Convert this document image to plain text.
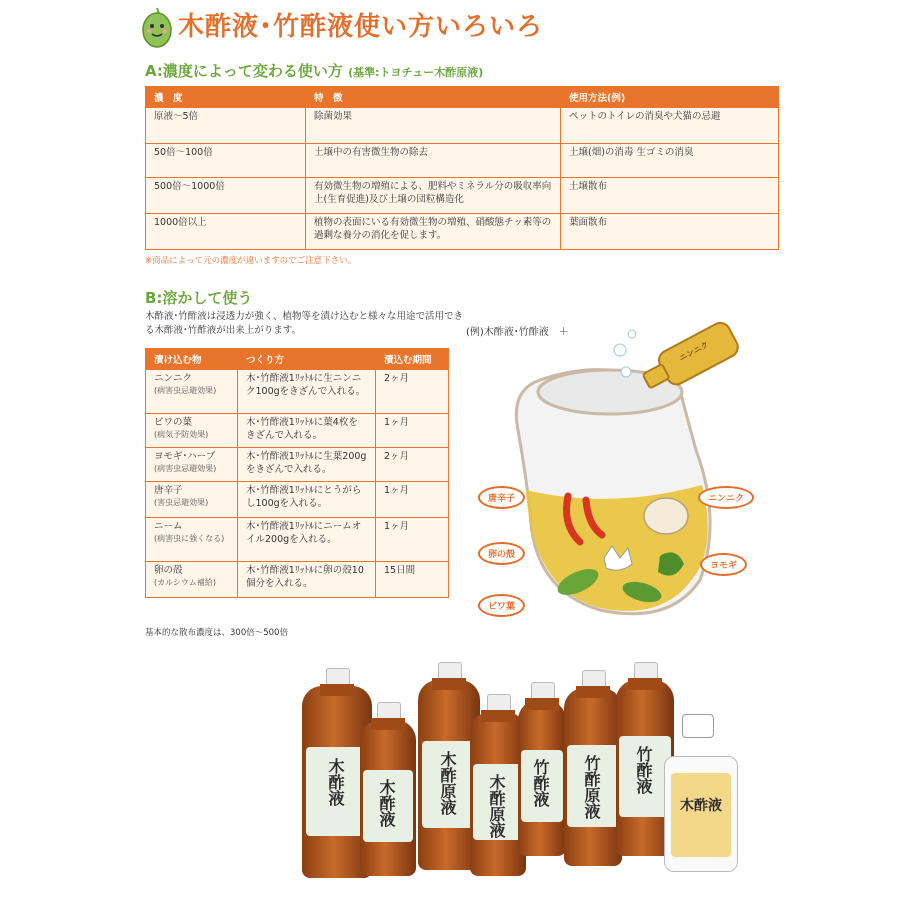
木酢液･竹酢液使い方いろいろ
A:濃度によって変わる使い方 (基準:トヨチュー木酢原液)
濃　度	特　徴	使用方法(例)
原液～5倍	除菌効果	ペットのトイレの消臭や犬猫の忌避
50倍～100倍	土壌中の有害微生物の除去	土壌(畑)の消毒 生ゴミの消臭
500倍～1000倍	有効微生物の増殖による、肥料やミネラル分の吸収率向上(生育促進)及び土壌の団粒構造化	土壌散布
1000倍以上	植物の表面にいる有効微生物の増殖、硝酸態チッ素等の過剰な養分の消化を促します。	葉面散布
※商品によって元の濃度が違いますのでご注意下さい。
B:溶かして使う

木酢液･竹酢液は浸透力が強く、植物等を漬け込むと様々な用途で活用できる木酢液･竹酢液が出来上がります。

漬け込む物	つくり方	漬込む期間
ニンニク
(病害虫忌避効果)	木･竹酢液1ﾘｯﾄﾙに生ニンニク100gをきざんで入れる。	2ヶ月
ビワの葉
(病気予防効果)	木･竹酢液1ﾘｯﾄﾙに葉4枚をきざんで入れる。	1ヶ月
ヨモギ･ハーブ
(病害虫忌避効果)	木･竹酢液1ﾘｯﾄﾙに生葉200gをきざんで入れる。	2ヶ月
唐辛子
(害虫忌避効果)	木･竹酢液1ﾘｯﾄﾙにとうがらし100gを入れる。	1ヶ月
ニーム
(病害虫に強くなる)	木･竹酢液1ﾘｯﾄﾙにニームオイル200gを入れる。	1ヶ月
卵の殻
(カルシウム補給)	木･竹酢液1ﾘｯﾄﾙに卵の殻10個分を入れる。	15日間
基本的な散布濃度は、300倍～500倍
(例)木酢液･竹酢液　＋
ニンニク
唐辛子	ニンニク
卵の殻
ヨモギ
ビワ葉
木酢液 木酢液	木酢原液 木酢原液 竹酢液 竹酢原液 竹酢液
木酢液
